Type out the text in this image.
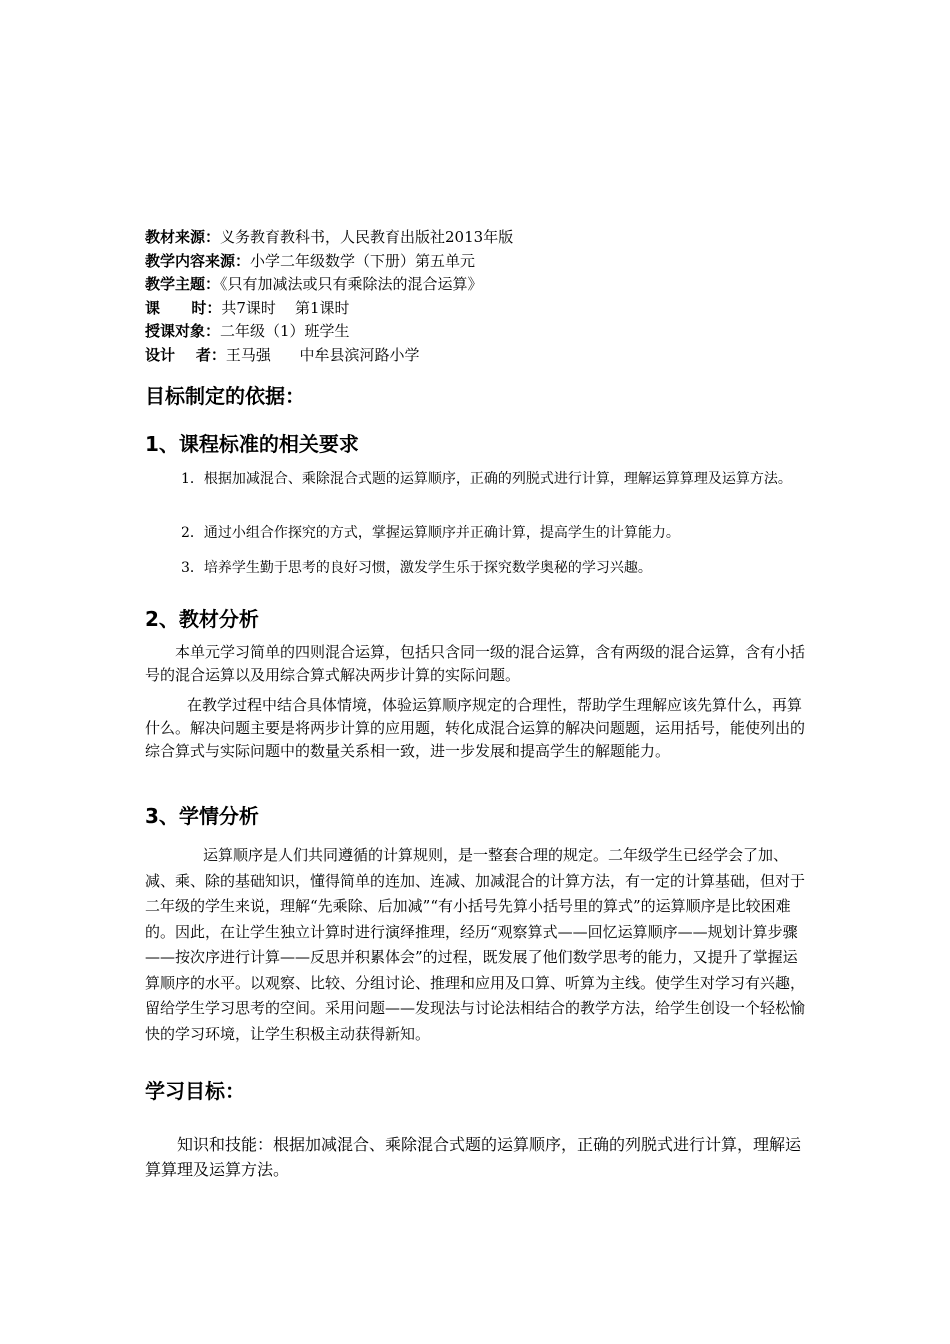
教材来源：义务教育教科书，人民教育出版社2013年版
教学内容来源：小学二年级数学（下册）第五单元
教学主题：《只有加减法或只有乘除法的混合运算》
课      时：共7课时    第1课时
授课对象：二年级（1）班学生
设计    者：王马强      中牟县滨河路小学
目标制定的依据：
1、课程标准的相关要求
1．根据加减混合、乘除混合式题的运算顺序，正确的列脱式进行计算，理解运算算理及运算方法。
2．通过小组合作探究的方式，掌握运算顺序并正确计算，提高学生的计算能力。
3．培养学生勤于思考的良好习惯，激发学生乐于探究数学奥秘的学习兴趣。
2、教材分析
本单元学习简单的四则混合运算，包括只含同一级的混合运算，含有两级的混合运算，含有小括号的混合运算以及用综合算式解决两步计算的实际问题。
在教学过程中结合具体情境，体验运算顺序规定的合理性，帮助学生理解应该先算什么，再算什么。解决问题主要是将两步计算的应用题，转化成混合运算的解决问题题，运用括号，能使列出的综合算式与实际问题中的数量关系相一致，进一步发展和提高学生的解题能力。
3、学情分析
运算顺序是人们共同遵循的计算规则，是一整套合理的规定。二年级学生已经学会了加、减、乘、除的基础知识，懂得简单的连加、连减、加减混合的计算方法，有一定的计算基础，但对于二年级的学生来说，理解“先乘除、后加减”“有小括号先算小括号里的算式”的运算顺序是比较困难的。因此，在让学生独立计算时进行演绎推理，经历“观察算式——回忆运算顺序——规划计算步骤——按次序进行计算——反思并积累体会”的过程，既发展了他们数学思考的能力，又提升了掌握运算顺序的水平。以观察、比较、分组讨论、推理和应用及口算、听算为主线。使学生对学习有兴趣，留给学生学习思考的空间。采用问题——发现法与讨论法相结合的教学方法，给学生创设一个轻松愉快的学习环境，让学生积极主动获得新知。
学习目标：
知识和技能：根据加减混合、乘除混合式题的运算顺序，正确的列脱式进行计算，理解运算算理及运算方法。
